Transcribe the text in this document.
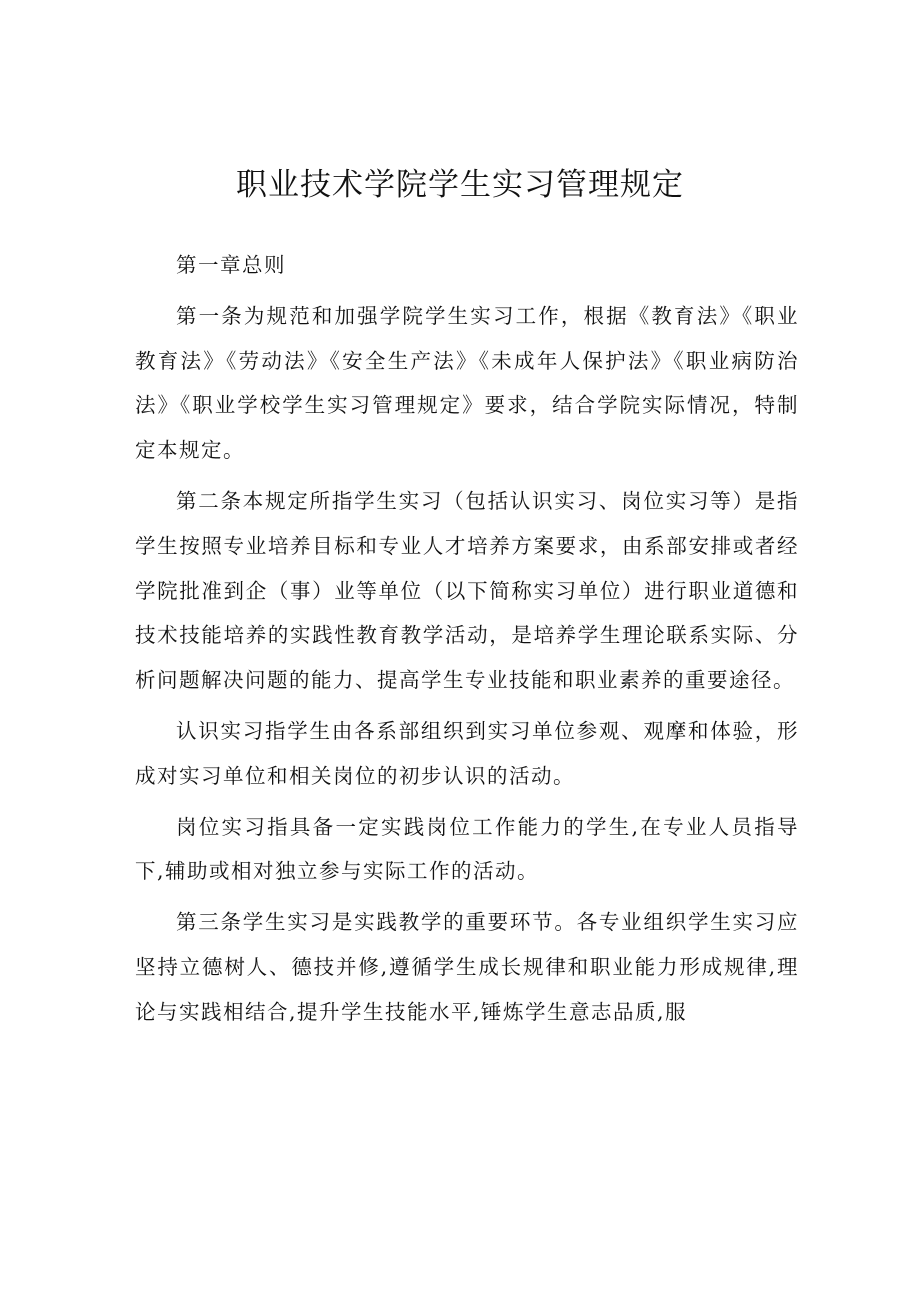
职业技术学院学生实习管理规定

第一章总则

第一条为规范和加强学院学生实习工作，根据《教育法》《职业教育法》《劳动法》《安全生产法》《未成年人保护法》《职业病防治法》《职业学校学生实习管理规定》要求，结合学院实际情况，特制定本规定。

第二条本规定所指学生实习（包括认识实习、岗位实习等）是指学生按照专业培养目标和专业人才培养方案要求，由系部安排或者经学院批准到企（事）业等单位（以下简称实习单位）进行职业道德和技术技能培养的实践性教育教学活动，是培养学生理论联系实际、分析问题解决问题的能力、提高学生专业技能和职业素养的重要途径。

认识实习指学生由各系部组织到实习单位参观、观摩和体验，形成对实习单位和相关岗位的初步认识的活动。

岗位实习指具备一定实践岗位工作能力的学生,在专业人员指导下,辅助或相对独立参与实际工作的活动。

第三条学生实习是实践教学的重要环节。各专业组织学生实习应坚持立德树人、德技并修,遵循学生成长规律和职业能力形成规律,理论与实践相结合,提升学生技能水平,锤炼学生意志品质,服
